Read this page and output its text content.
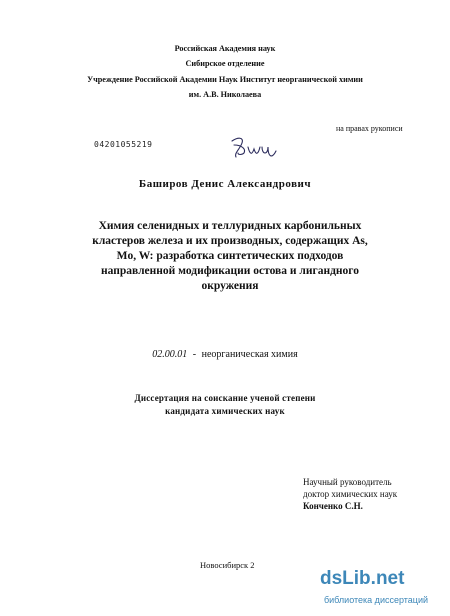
Российская Академия наук
Сибирское отделение
Учреждение Российской Академии Наук Институт неорганической химии
им. А.В. Николаева
на правах рукописи
04201055219
Баширов Денис Александрович
Химия селенидных и теллуридных карбонильных
кластеров железа и их производных, содержащих As,
Mo, W: разработка синтетических подходов
направленной модификации остова и лигандного
окружения
02.00.01 - неорганическая химия
Диссертация на соискание ученой степени
кандидата химических наук
Научный руководитель
доктор химических наук
Конченко С.Н.
Новосибирск 2
dsLib.net
библиотека диссертаций
